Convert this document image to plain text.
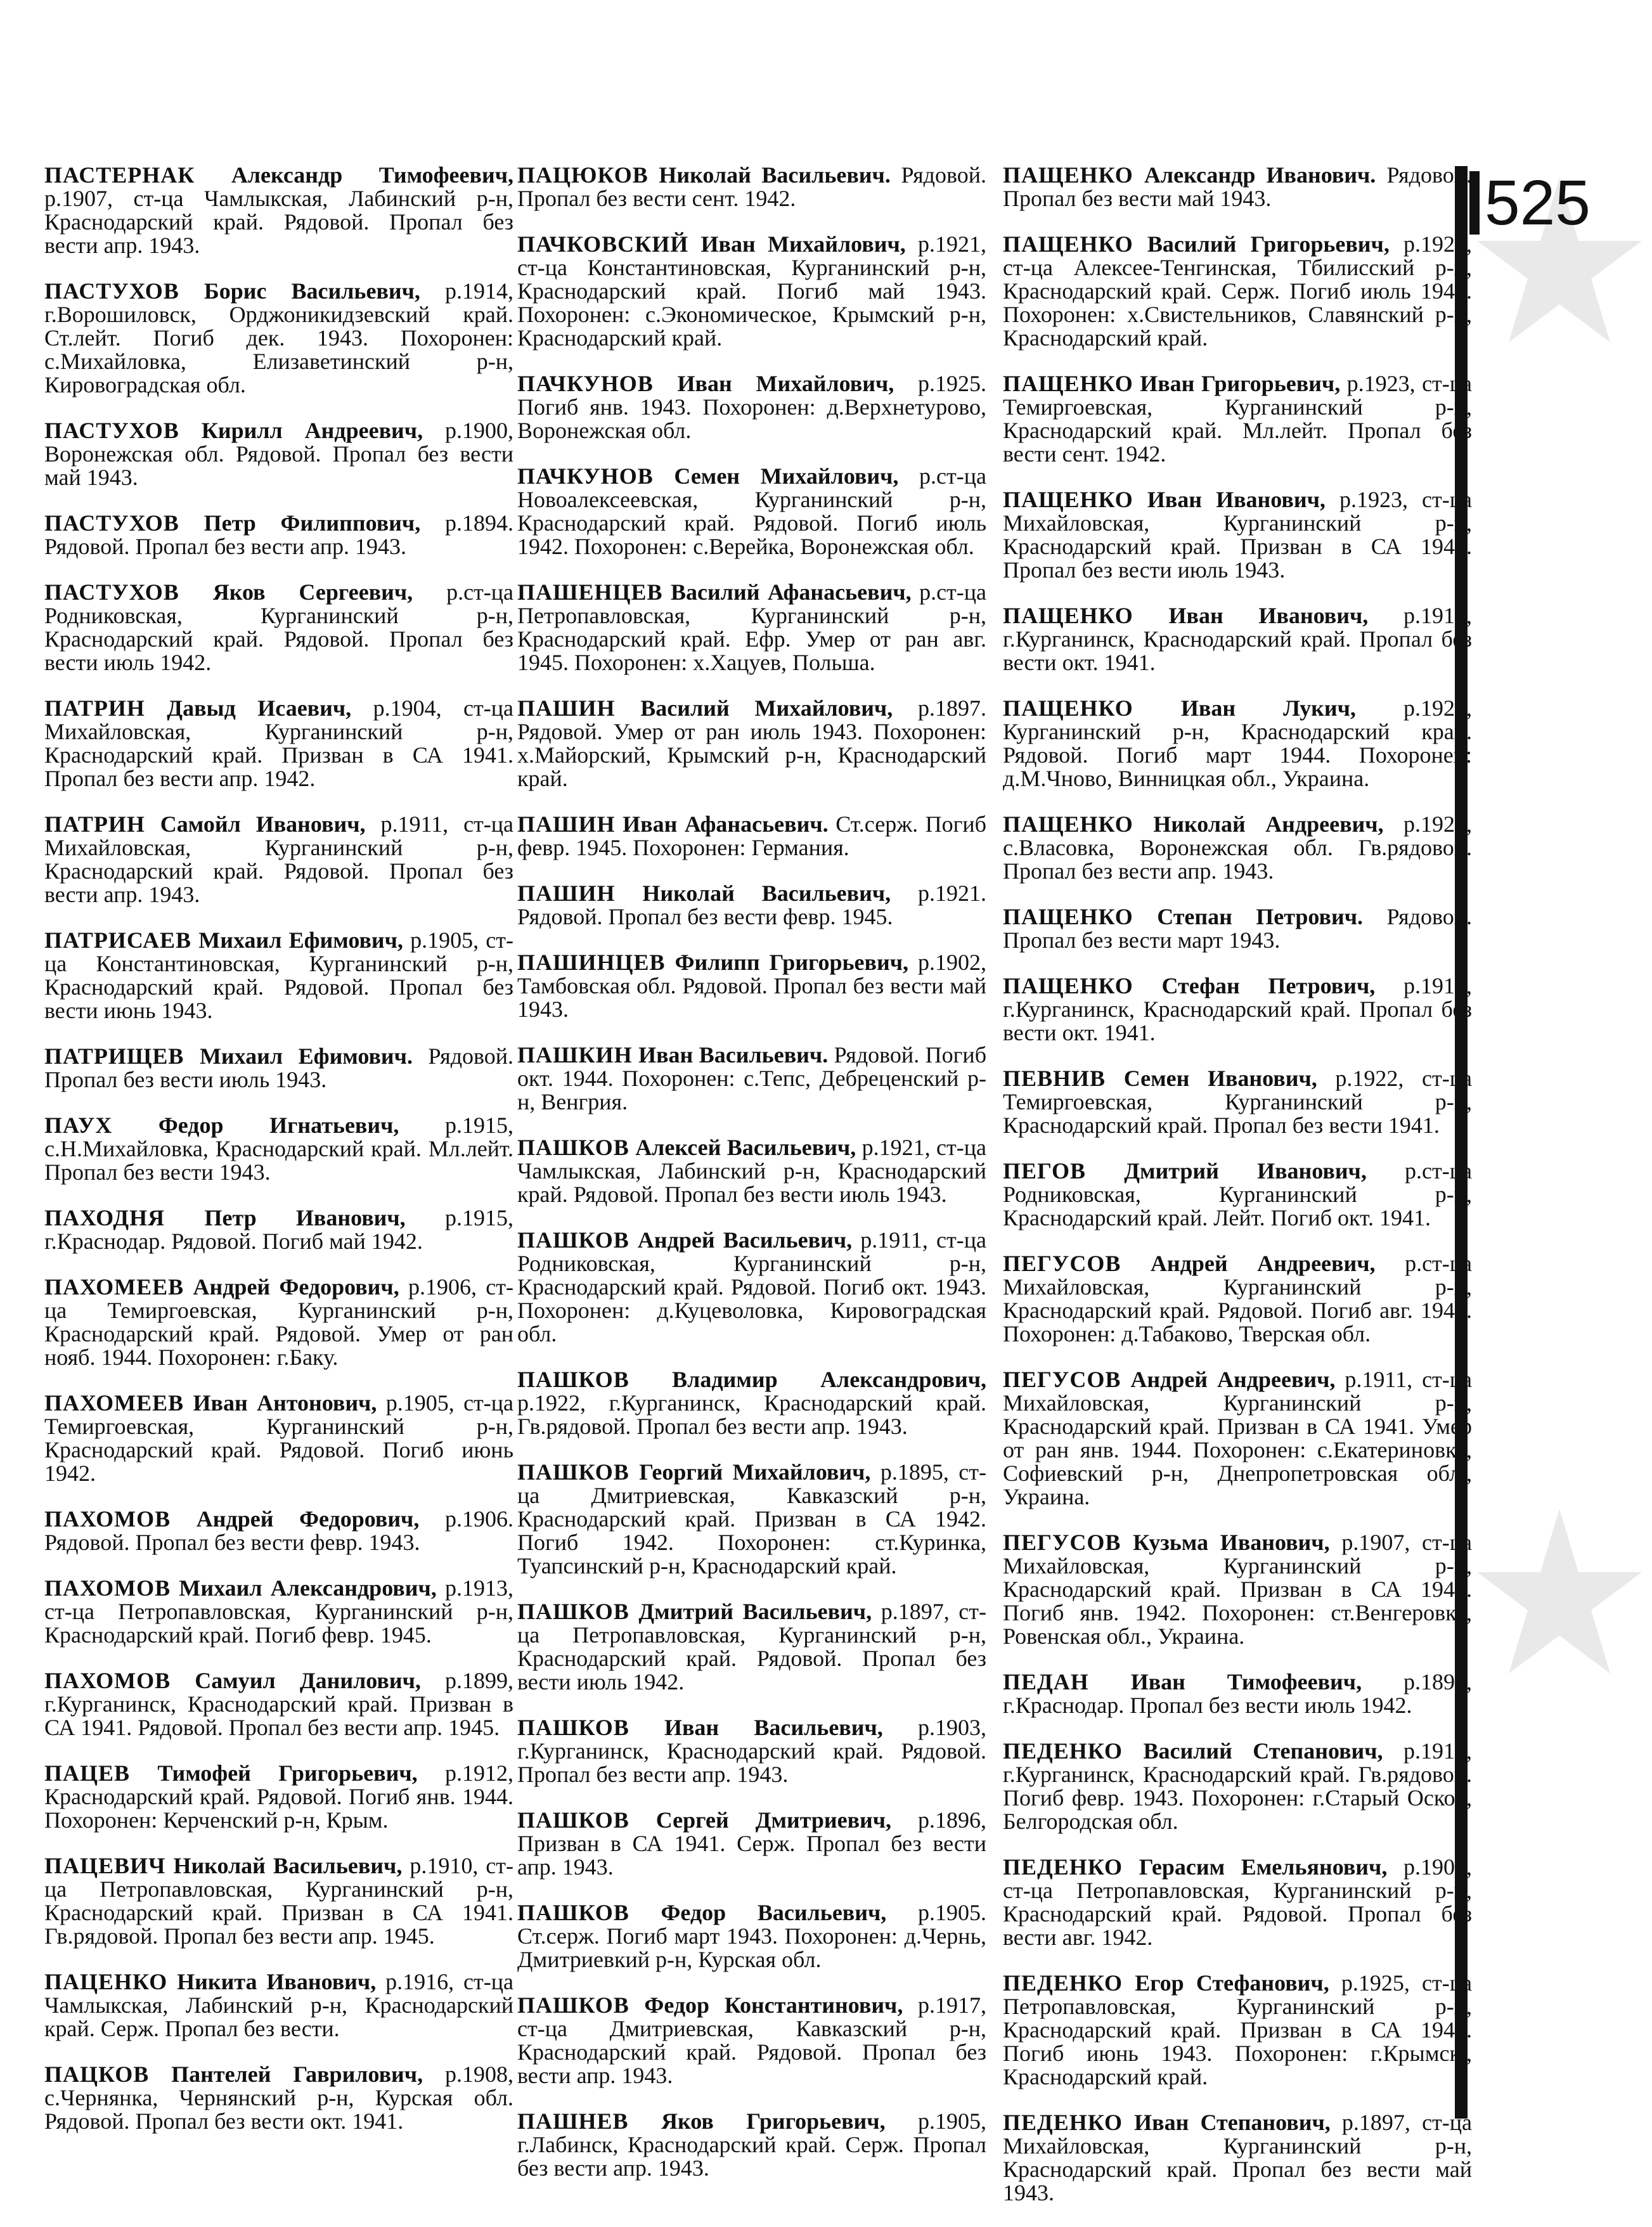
525

ПАСТЕРНАК Александр Тимофеевич, р.1907, ст-ца Чамлыкская, Лабинский р-н, Краснодарский край. Рядовой. Пропал без вести апр. 1943.

ПАСТУХОВ Борис Васильевич, р.1914, г.Ворошиловск, Орджоникидзевский край. Ст.лейт. Погиб дек. 1943. Похоронен: с.Михайловка, Елизаветинский р-н, Кировоградская обл.

ПАСТУХОВ Кирилл Андреевич, р.1900, Воронежская обл. Рядовой. Пропал без вести май 1943.

ПАСТУХОВ Петр Филиппович, р.1894. Рядовой. Пропал без вести апр. 1943.

ПАСТУХОВ Яков Сергеевич, р.ст-ца Родниковская, Курганинский р-н, Краснодарский край. Рядовой. Пропал без вести июль 1942.

ПАТРИН Давыд Исаевич, р.1904, ст-ца Михайловская, Курганинский р-н, Краснодарский край. Призван в СА 1941. Пропал без вести апр. 1942.

ПАТРИН Самойл Иванович, р.1911, ст-ца Михайловская, Курганинский р-н, Краснодарский край. Рядовой. Пропал без вести апр. 1943.

ПАТРИСАЕВ Михаил Ефимович, р.1905, ст-ца Константиновская, Курганинский р-н, Краснодарский край. Рядовой. Пропал без вести июнь 1943.

ПАТРИЩЕВ Михаил Ефимович. Рядовой. Пропал без вести июль 1943.

ПАУХ Федор Игнатьевич, р.1915, с.Н.Михайловка, Краснодарский край. Мл.лейт. Пропал без вести 1943.

ПАХОДНЯ Петр Иванович, р.1915, г.Краснодар. Рядовой. Погиб май 1942.

ПАХОМЕЕВ Андрей Федорович, р.1906, ст-ца Темиргоевская, Курганинский р-н, Краснодарский край. Рядовой. Умер от ран нояб. 1944. Похоронен: г.Баку.

ПАХОМЕЕВ Иван Антонович, р.1905, ст-ца Темиргоевская, Курганинский р-н, Краснодарский край. Рядовой. Погиб июнь 1942.

ПАХОМОВ Андрей Федорович, р.1906. Рядовой. Пропал без вести февр. 1943.

ПАХОМОВ Михаил Александрович, р.1913, ст-ца Петропавловская, Курганинский р-н, Краснодарский край. Погиб февр. 1945.

ПАХОМОВ Самуил Данилович, р.1899, г.Курганинск, Краснодарский край. Призван в СА 1941. Рядовой. Пропал без вести апр. 1945.

ПАЦЕВ Тимофей Григорьевич, р.1912, Краснодарский край. Рядовой. Погиб янв. 1944. Похоронен: Керченский р-н, Крым.

ПАЦЕВИЧ Николай Васильевич, р.1910, ст-ца Петропавловская, Курганинский р-н, Краснодарский край. Призван в СА 1941. Гв.рядовой. Пропал без вести апр. 1945.

ПАЦЕНКО Никита Иванович, р.1916, ст-ца Чамлыкская, Лабинский р-н, Краснодарский край. Серж. Пропал без вести.

ПАЦКОВ Пантелей Гаврилович, р.1908, с.Чернянка, Чернянский р-н, Курская обл. Рядовой. Пропал без вести окт. 1941.

ПАЦЮКОВ Николай Васильевич. Рядовой. Пропал без вести сент. 1942.

ПАЧКОВСКИЙ Иван Михайлович, р.1921, ст-ца Константиновская, Курганинский р-н, Краснодарский край. Погиб май 1943. Похоронен: с.Экономическое, Крымский р-н, Краснодарский край.

ПАЧКУНОВ Иван Михайлович, р.1925. Погиб янв. 1943. Похоронен: д.Верхнетурово, Воронежская обл.

ПАЧКУНОВ Семен Михайлович, р.ст-ца Новоалексеевская, Курганинский р-н, Краснодарский край. Рядовой. Погиб июль 1942. Похоронен: с.Верейка, Воронежская обл.

ПАШЕНЦЕВ Василий Афанасьевич, р.ст-ца Петропавловская, Курганинский р-н, Краснодарский край. Ефр. Умер от ран авг. 1945. Похоронен: х.Хацуев, Польша.

ПАШИН Василий Михайлович, р.1897. Рядовой. Умер от ран июль 1943. Похоронен: х.Майорский, Крымский р-н, Краснодарский край.

ПАШИН Иван Афанасьевич. Ст.серж. Погиб февр. 1945. Похоронен: Германия.

ПАШИН Николай Васильевич, р.1921. Рядовой. Пропал без вести февр. 1945.

ПАШИНЦЕВ Филипп Григорьевич, р.1902, Тамбовская обл. Рядовой. Пропал без вести май 1943.

ПАШКИН Иван Васильевич. Рядовой. Погиб окт. 1944. Похоронен: с.Тепс, Дебреценский р-н, Венгрия.

ПАШКОВ Алексей Васильевич, р.1921, ст-ца Чамлыкская, Лабинский р-н, Краснодарский край. Рядовой. Пропал без вести июль 1943.

ПАШКОВ Андрей Васильевич, р.1911, ст-ца Родниковская, Курганинский р-н, Краснодарский край. Рядовой. Погиб окт. 1943. Похоронен: д.Куцеволовка, Кировоградская обл.

ПАШКОВ Владимир Александрович, р.1922, г.Курганинск, Краснодарский край. Гв.рядовой. Пропал без вести апр. 1943.

ПАШКОВ Георгий Михайлович, р.1895, ст-ца Дмитриевская, Кавказский р-н, Краснодарский край. Призван в СА 1942. Погиб 1942. Похоронен: ст.Куринка, Туапсинский р-н, Краснодарский край.

ПАШКОВ Дмитрий Васильевич, р.1897, ст-ца Петропавловская, Курганинский р-н, Краснодарский край. Рядовой. Пропал без вести июль 1942.

ПАШКОВ Иван Васильевич, р.1903, г.Курганинск, Краснодарский край. Рядовой. Пропал без вести апр. 1943.

ПАШКОВ Сергей Дмитриевич, р.1896, Призван в СА 1941. Серж. Пропал без вести апр. 1943.

ПАШКОВ Федор Васильевич, р.1905. Ст.серж. Погиб март 1943. Похоронен: д.Чернь, Дмитриевкий р-н, Курская обл.

ПАШКОВ Федор Константинович, р.1917, ст-ца Дмитриевская, Кавказский р-н, Краснодарский край. Рядовой. Пропал без вести апр. 1943.

ПАШНЕВ Яков Григорьевич, р.1905, г.Лабинск, Краснодарский край. Серж. Пропал без вести апр. 1943.

ПАЩЕНКО Александр Иванович. Рядовой. Пропал без вести май 1943.

ПАЩЕНКО Василий Григорьевич, р.1924, ст-ца Алексее-Тенгинская, Тбилисский р-н, Краснодарский край. Серж. Погиб июль 1943. Похоронен: х.Свистельников, Славянский р-н, Краснодарский край.

ПАЩЕНКО Иван Григорьевич, р.1923, ст-ца Темиргоевская, Курганинский р-н, Краснодарский край. Мл.лейт. Пропал без вести сент. 1942.

ПАЩЕНКО Иван Иванович, р.1923, ст-ца Михайловская, Курганинский р-н, Краснодарский край. Призван в СА 1941. Пропал без вести июль 1943.

ПАЩЕНКО Иван Иванович, р.1910, г.Курганинск, Краснодарский край. Пропал без вести окт. 1941.

ПАЩЕНКО Иван Лукич, р.1924, Курганинский р-н, Краснодарский край. Рядовой. Погиб март 1944. Похоронен: д.М.Чново, Винницкая обл., Украина.

ПАЩЕНКО Николай Андреевич, р.1925, с.Власовка, Воронежская обл. Гв.рядовой. Пропал без вести апр. 1943.

ПАЩЕНКО Степан Петрович. Рядовой. Пропал без вести март 1943.

ПАЩЕНКО Стефан Петрович, р.1910, г.Курганинск, Краснодарский край. Пропал без вести окт. 1941.

ПЕВНИВ Семен Иванович, р.1922, ст-ца Темиргоевская, Курганинский р-н, Краснодарский край. Пропал без вести 1941.

ПЕГОВ Дмитрий Иванович, р.ст-ца Родниковская, Курганинский р-н, Краснодарский край. Лейт. Погиб окт. 1941.

ПЕГУСОВ Андрей Андреевич, р.ст-ца Михайловская, Курганинский р-н, Краснодарский край. Рядовой. Погиб авг. 1942. Похоронен: д.Табаково, Тверская обл.

ПЕГУСОВ Андрей Андреевич, р.1911, ст-ца Михайловская, Курганинский р-н, Краснодарский край. Призван в СА 1941. Умер от ран янв. 1944. Похоронен: с.Екатериновка, Софиевский р-н, Днепропетровская обл., Украина.

ПЕГУСОВ Кузьма Иванович, р.1907, ст-ца Михайловская, Курганинский р-н, Краснодарский край. Призван в СА 1941. Погиб янв. 1942. Похоронен: ст.Венгеровка, Ровенская обл., Украина.

ПЕДАН Иван Тимофеевич, р.1896, г.Краснодар. Пропал без вести июль 1942.

ПЕДЕНКО Василий Степанович, р.1912, г.Курганинск, Краснодарский край. Гв.рядовой. Погиб февр. 1943. Похоронен: г.Старый Оскол, Белгородская обл.

ПЕДЕНКО Герасим Емельянович, р.1901, ст-ца Петропавловская, Курганинский р-н, Краснодарский край. Рядовой. Пропал без вести авг. 1942.

ПЕДЕНКО Егор Стефанович, р.1925, ст-ца Петропавловская, Курганинский р-н, Краснодарский край. Призван в СА 1943. Погиб июнь 1943. Похоронен: г.Крымск., Краснодарский край.

ПЕДЕНКО Иван Степанович, р.1897, ст-ца Михайловская, Курганинский р-н, Краснодарский край. Пропал без вести май 1943.
